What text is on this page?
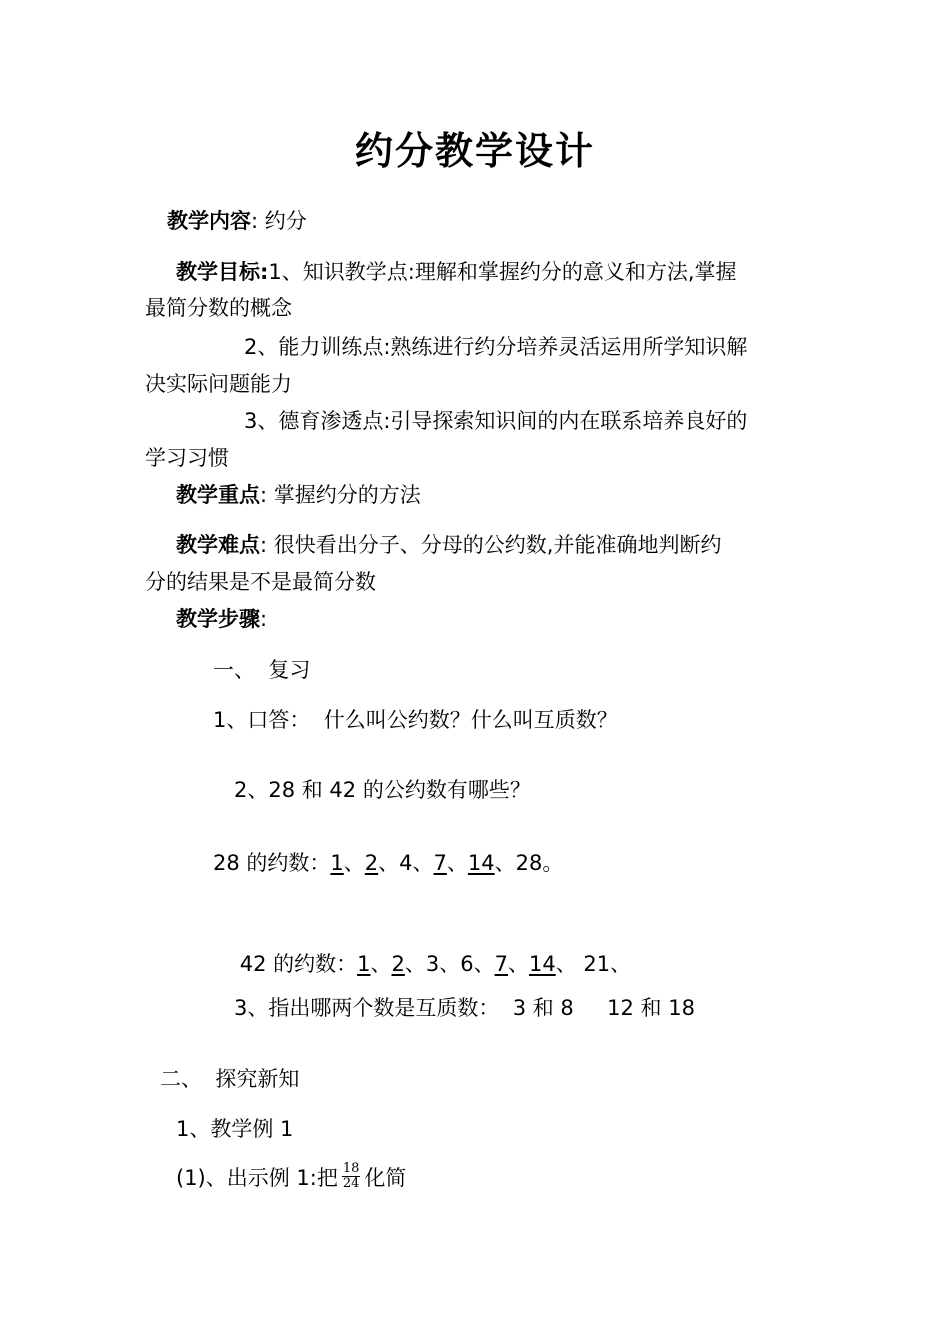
约分教学设计
教学内容: 约分
教学目标:1、知识教学点:理解和掌握约分的意义和方法,掌握
最简分数的概念
2、能力训练点:熟练进行约分培养灵活运用所学知识解
决实际问题能力
3、德育渗透点:引导探索知识间的内在联系培养良好的
学习习惯
教学重点: 掌握约分的方法
教学难点: 很快看出分子、分母的公约数,并能准确地判断约
分的结果是不是最简分数
教学步骤:
一、  复习
1、口答：  什么叫公约数？什么叫互质数？
2、28 和 42 的公约数有哪些？
28 的约数：1、2、4、7、14、28。

42 的约数：1、2、3、6、7、14、 21、

3、指出哪两个数是互质数：  3 和 8     12 和 18
二、  探究新知
1、教学例 1
(1)、出示例 1:把 $\frac{18}{24}$ 化简
